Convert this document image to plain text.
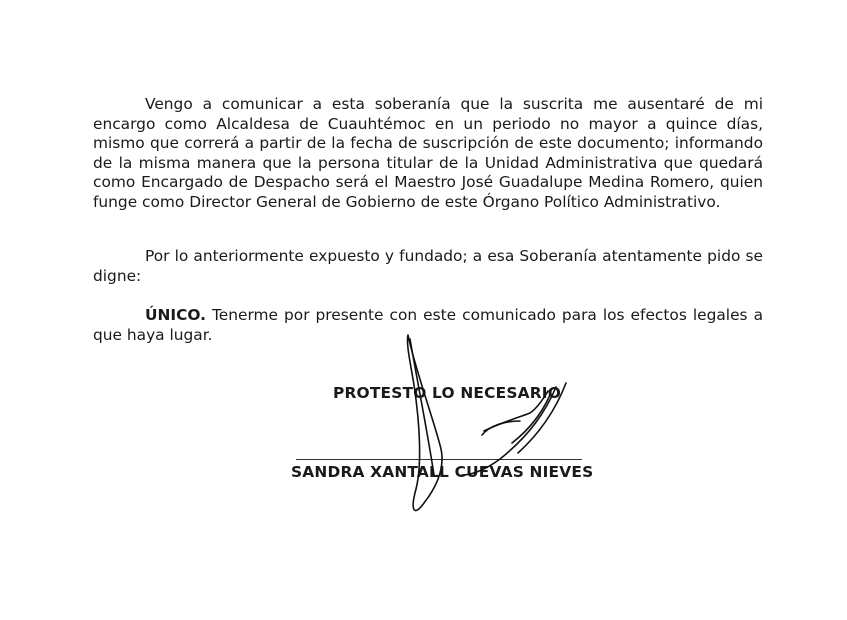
Vengo a comunicar a esta soberanía que la suscrita me ausentaré de mi encargo como Alcaldesa de Cuauhtémoc en un periodo no mayor a quince días, mismo que correrá a partir de la fecha de suscripción de este documento; informando de la misma manera que la persona titular de la Unidad Administrativa que quedará como Encargado de Despacho será el Maestro José Guadalupe Medina Romero, quien funge como Director General de Gobierno de este Órgano Político Administrativo.

Por lo anteriormente expuesto y fundado; a esa Soberanía atentamente pido se digne:

ÚNICO. Tenerme por presente con este comunicado para los efectos legales a que haya lugar.

PROTESTO LO NECESARIO
SANDRA XANTALL CUEVAS NIEVES
